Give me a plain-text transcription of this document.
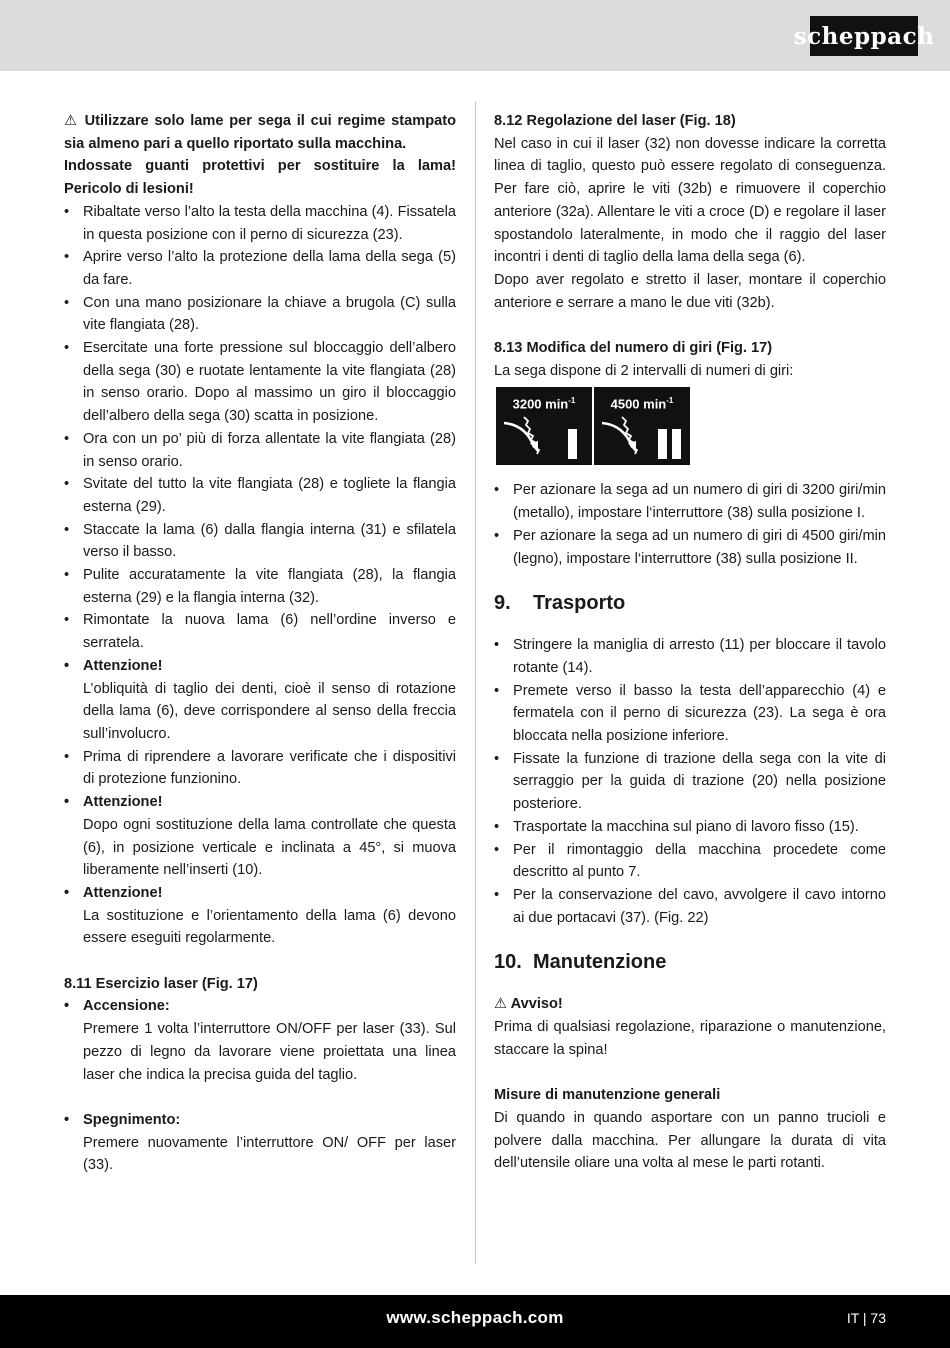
scheppach

⚠ Utilizzare solo lame per sega il cui regime stampato sia almeno pari a quello riportato sulla macchina.

Indossate guanti protettivi per sostituire la lama! Pericolo di lesioni!

• Ribaltate verso l’alto la testa della macchina (4). Fissatela in questa posizione con il perno di sicurezza (23).
• Aprire verso l’alto la protezione della lama della sega (5) da fare.
• Con una mano posizionare la chiave a brugola (C) sulla vite flangiata (28).
• Esercitate una forte pressione sul bloccaggio dell’albero della sega (30) e ruotate lentamente la vite flangiata (28) in senso orario. Dopo al massimo un giro il bloccaggio dell’albero della sega (30) scatta in posizione.
• Ora con un po’ più di forza allentate la vite flangiata (28) in senso orario.
• Svitate del tutto la vite flangiata (28) e togliete la flangia esterna (29).
• Staccate la lama (6) dalla flangia interna (31) e sfilatela verso il basso.
• Pulite accuratamente la vite flangiata (28), la flangia esterna (29) e la flangia interna (32).
• Rimontate la nuova lama (6) nell’ordine inverso e serratela.
• Attenzione!
L’obliquità di taglio dei denti, cioè il senso di rotazione della lama (6), deve corrispondere al senso della freccia sull’involucro.
• Prima di riprendere a lavorare verificate che i dispositivi di protezione funzionino.
• Attenzione!
Dopo ogni sostituzione della lama controllate che questa (6), in posizione verticale e inclinata a 45°, si muova liberamente nell’inserti (10).
• Attenzione!
La sostituzione e l’orientamento della lama (6) devono essere eseguiti regolarmente.

8.11 Esercizio laser (Fig. 17)

• Accensione:
Premere 1 volta l’interruttore ON/OFF per laser (33). Sul pezzo di legno da lavorare viene proiettata una linea laser che indica la precisa guida del taglio.
• Spegnimento:
Premere nuovamente l’interruttore ON/ OFF per laser (33).

8.12 Regolazione del laser (Fig. 18)

Nel caso in cui il laser (32) non dovesse indicare la corretta linea di taglio, questo può essere regolato di conseguenza. Per fare ciò, aprire le viti (32b) e rimuovere il coperchio anteriore (32a). Allentare le viti a croce (D) e regolare il laser spostandolo lateralmente, in modo che il raggio del laser incontri i denti di taglio della lama della sega (6).

Dopo aver regolato e stretto il laser, montare il coperchio anteriore e serrare a mano le due viti (32b).

8.13 Modifica del numero di giri (Fig. 17)

La sega dispone di 2 intervalli di numeri di giri:

3200 $\min^{-1}$	4500 $\min^{-1}$
• Per azionare la sega ad un numero di giri di 3200 giri/min (metallo), impostare l‘interruttore (38) sulla posizione I.
• Per azionare la sega ad un numero di giri di 4500 giri/min (legno), impostare l‘interruttore (38) sulla posizione II.

9. Trasporto

• Stringere la maniglia di arresto (11) per bloccare il tavolo rotante (14).
• Premete verso il basso la testa dell’apparecchio (4) e fermatela con il perno di sicurezza (23). La sega è ora bloccata nella posizione inferiore.
• Fissate la funzione di trazione della sega con la vite di serraggio per la guida di trazione (20) nella posizione posteriore.
• Trasportate la macchina sul piano di lavoro fisso (15).
• Per il rimontaggio della macchina procedete come descritto al punto 7.
• Per la conservazione del cavo, avvolgere il cavo intorno ai due portacavi (37). (Fig. 22)

10. Manutenzione

⚠ Avviso!

Prima di qualsiasi regolazione, riparazione o manutenzione, staccare la spina!

Misure di manutenzione generali

Di quando in quando asportare con un panno trucioli e polvere dalla macchina. Per allungare la durata di vita dell’utensile oliare una volta al mese le parti rotanti.

www.scheppach.com	IT | 73
